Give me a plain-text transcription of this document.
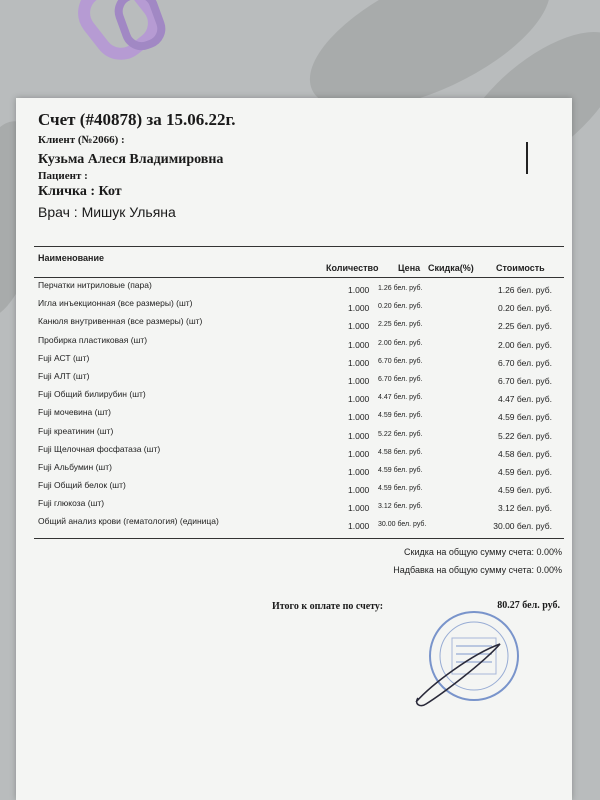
Счет (#40878) за 15.06.22г.
Клиент (№2066) :
Кузьма Алеся Владимировна
Пациент :
Кличка : Кот
Врач : Мишук Ульяна
Наименование
Количество Цена Скидка(%) Стоимость
Перчатки нитриловые (пара)	1.000 1.26 бел. руб.	1.26 бел. руб.
Игла инъекционная (все размеры) (шт)	1.000 0.20 бел. руб.	0.20 бел. руб.
Канюля внутривенная (все размеры) (шт)	1.000 2.25 бел. руб.	2.25 бел. руб.
Пробирка пластиковая (шт)	1.000 2.00 бел. руб.	2.00 бел. руб.
Fuji АСТ (шт)	1.000 6.70 бел. руб.	6.70 бел. руб.
Fuji АЛТ (шт)	1.000 6.70 бел. руб.	6.70 бел. руб.
Fuji Общий билирубин (шт)	1.000 4.47 бел. руб.	4.47 бел. руб.
Fuji мочевина (шт)	1.000 4.59 бел. руб.	4.59 бел. руб.
Fuji креатинин (шт)	1.000 5.22 бел. руб.	5.22 бел. руб.
Fuji Щелочная фосфатаза (шт)	1.000 4.58 бел. руб.	4.58 бел. руб.
Fuji Альбумин (шт)	1.000 4.59 бел. руб.	4.59 бел. руб.
Fuji Общий белок (шт)	1.000 4.59 бел. руб.	4.59 бел. руб.
Fuji глюкоза (шт)	1.000 3.12 бел. руб.	3.12 бел. руб.
Общий анализ крови (гематология) (единица)	1.000 30.00 бел. руб.	30.00 бел. руб.
Скидка на общую сумму счета: 0.00%
Надбавка на общую сумму счета: 0.00%
Итого к оплате по счету:	80.27 бел. руб.
